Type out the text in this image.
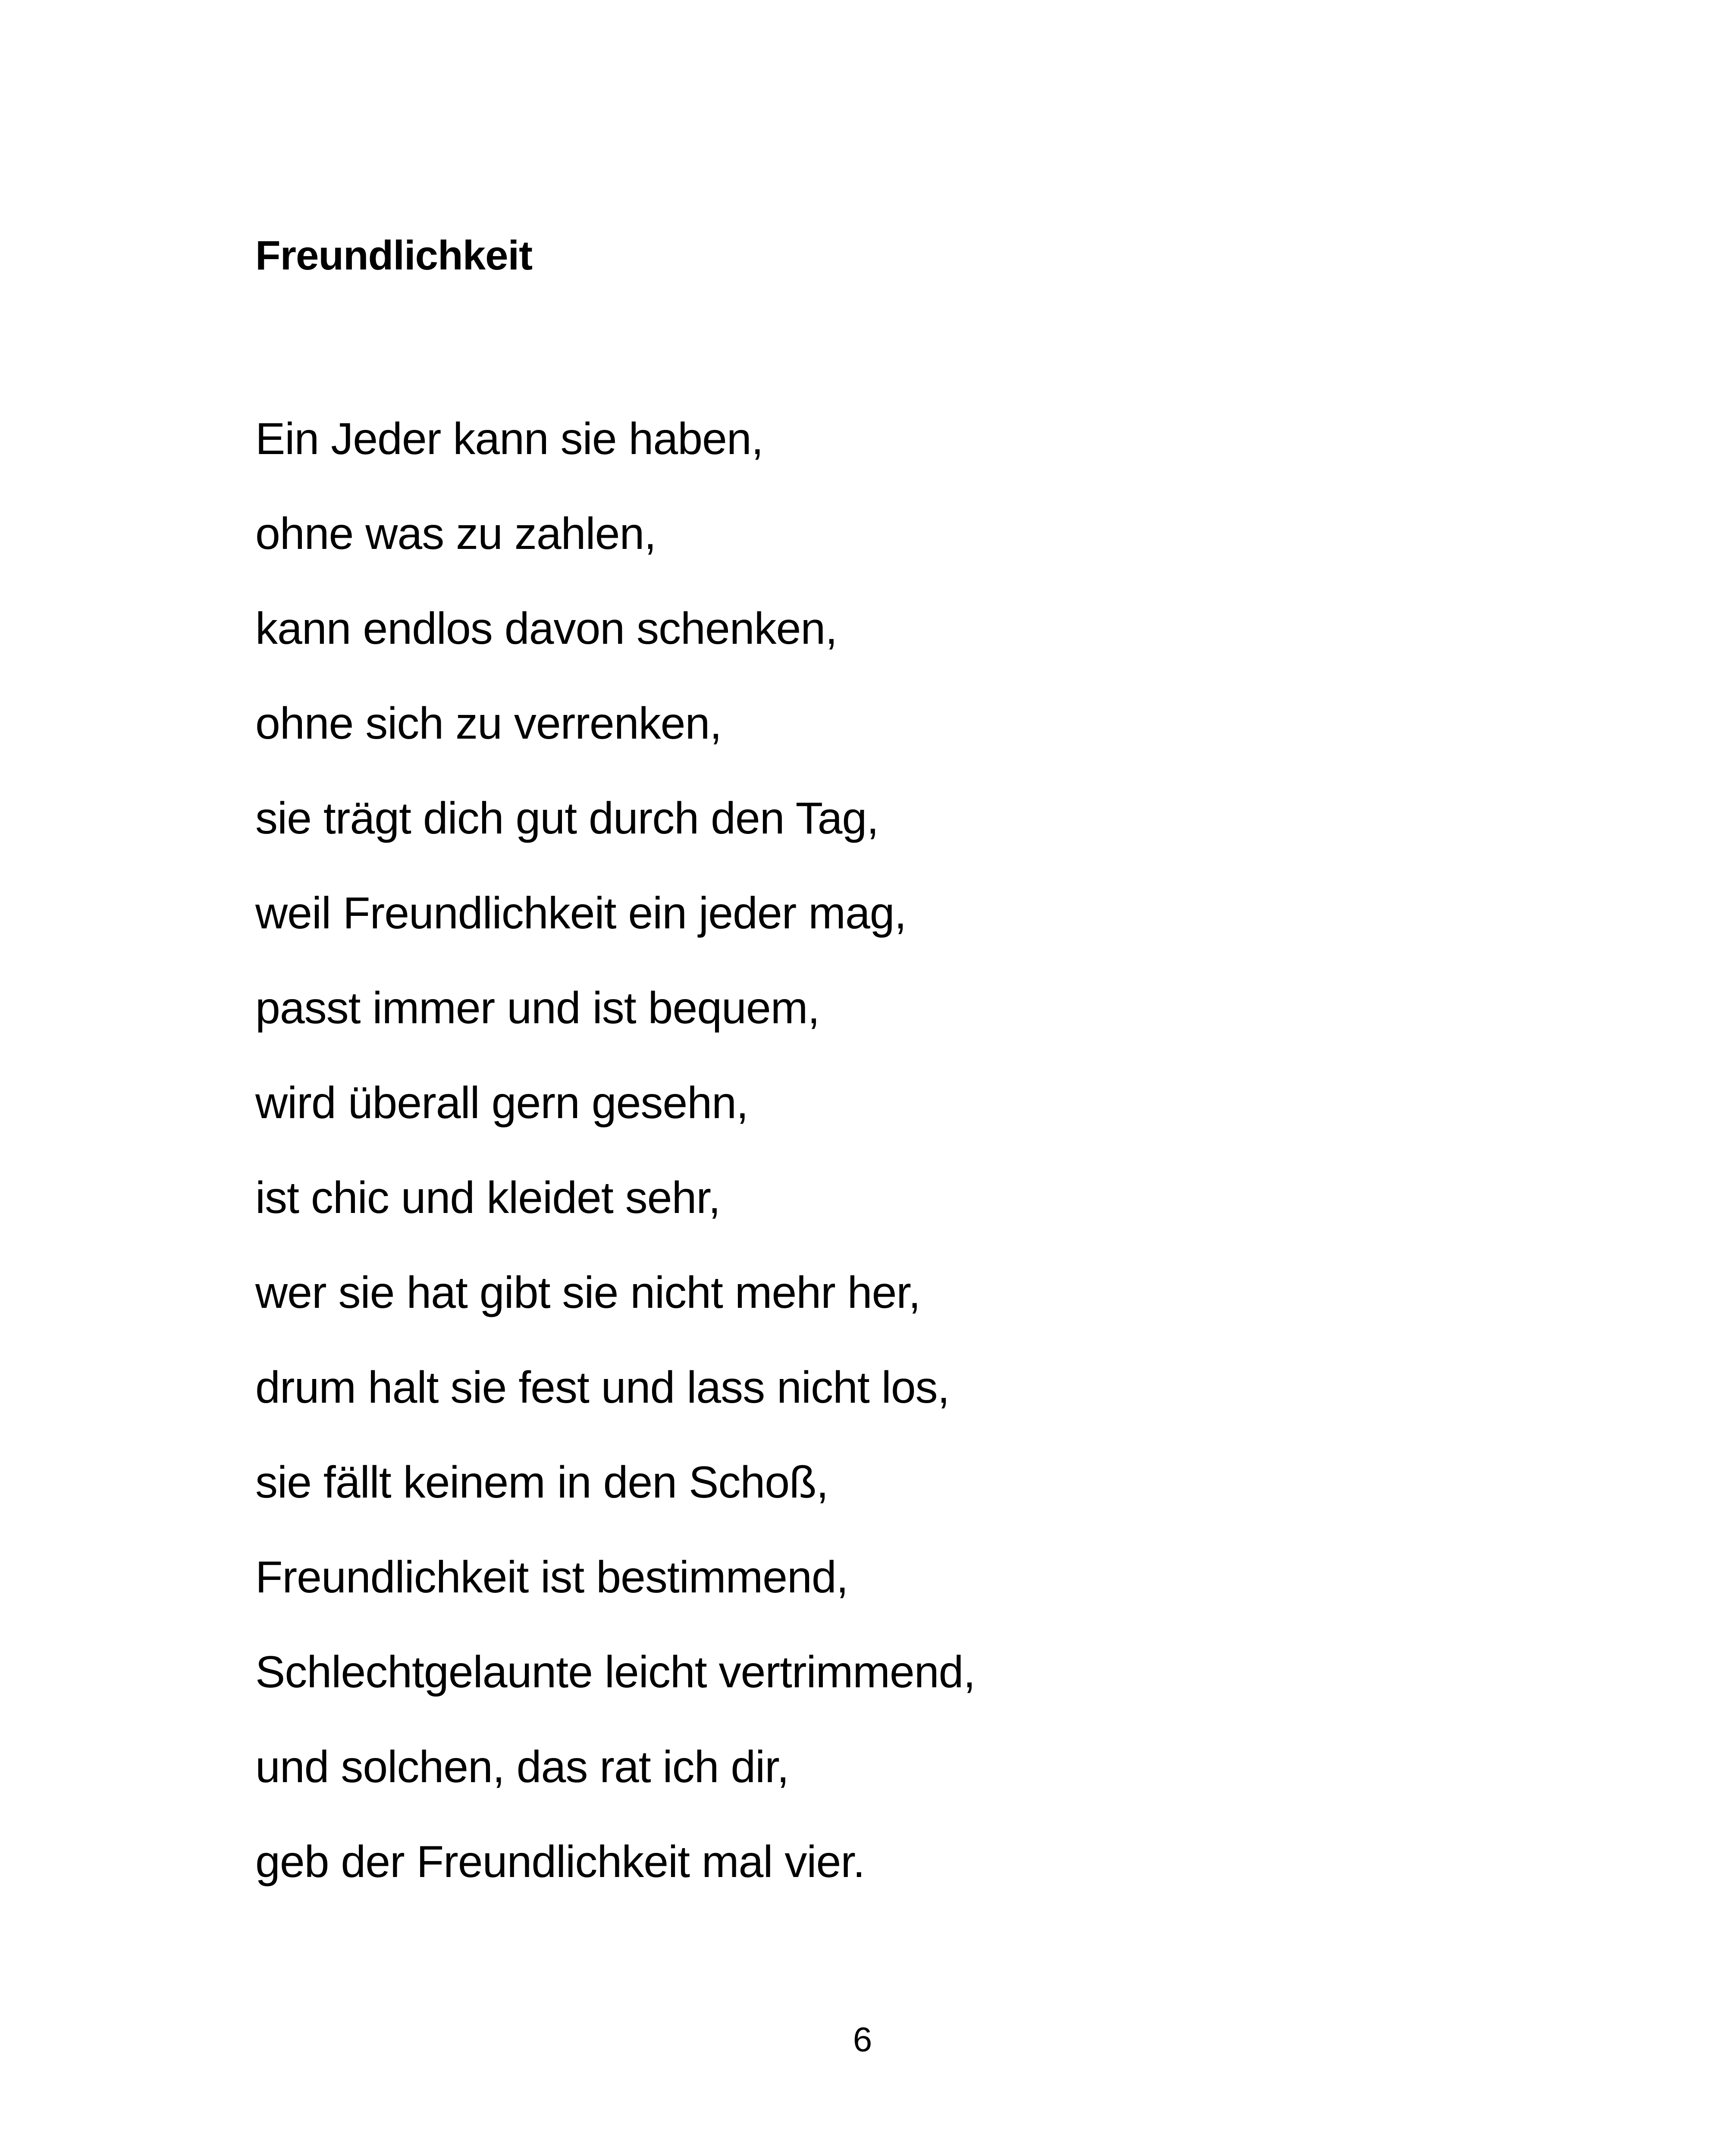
Freundlichkeit
Ein Jeder kann sie haben,
ohne was zu zahlen,
kann endlos davon schenken,
ohne sich zu verrenken,
sie trägt dich gut durch den Tag,
weil Freundlichkeit ein jeder mag,
passt immer und ist bequem,
wird überall gern gesehn,
ist chic und kleidet sehr,
wer sie hat gibt sie nicht mehr her,
drum halt sie fest und lass nicht los,
sie fällt keinem in den Schoß,
Freundlichkeit ist bestimmend,
Schlechtgelaunte leicht vertrimmend,
und solchen, das rat ich dir,
geb der Freundlichkeit mal vier.
6
